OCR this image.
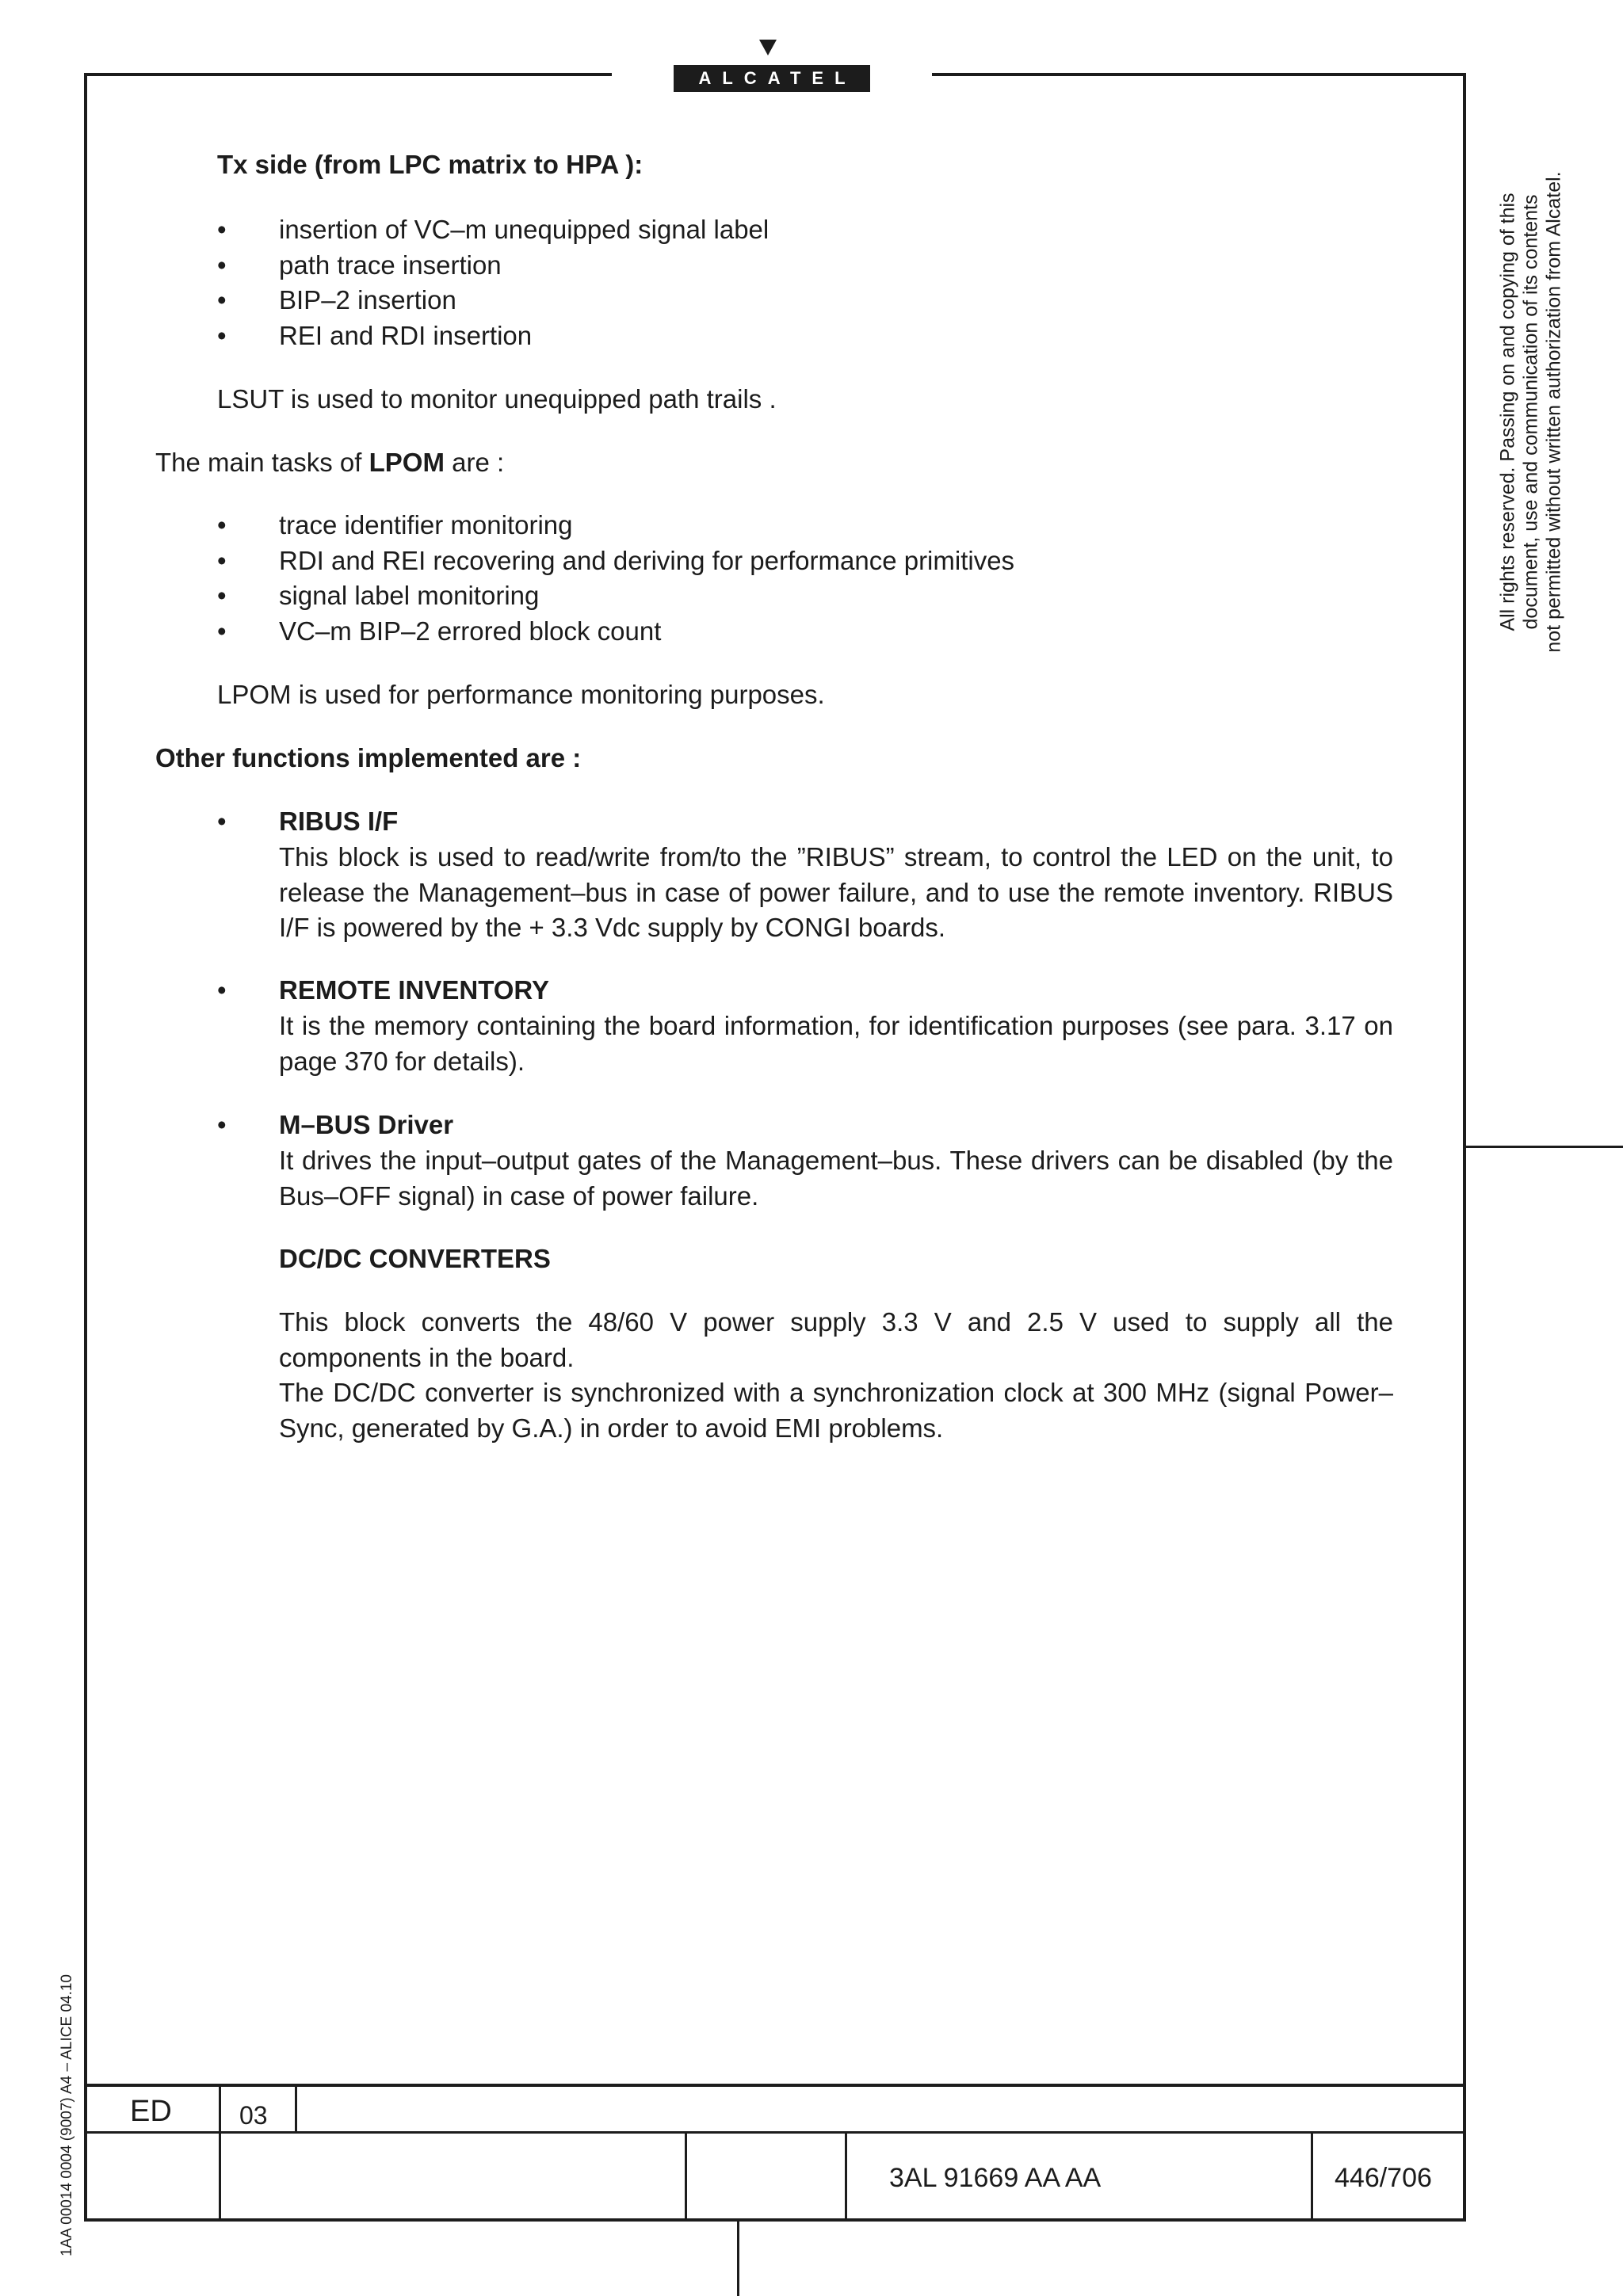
ALCATEL
Tx side (from LPC matrix to HPA ):
• insertion of VC–m unequipped signal label
• path trace insertion
• BIP–2 insertion
• REI and RDI insertion
LSUT is used to monitor unequipped path trails .
The main tasks of LPOM are :
• trace identifier monitoring
• RDI and REI recovering and deriving for performance primitives
• signal label monitoring
• VC–m BIP–2 errored block count
LPOM is used for performance monitoring purposes.
Other functions implemented are :
• RIBUS I/F
This block is used to read/write from/to the ”RIBUS” stream, to control the LED on the unit, to release the Management–bus in case of power failure, and to use the remote inventory. RIBUS I/F is powered by the + 3.3 Vdc supply by CONGI boards.
• REMOTE INVENTORY
It is the memory containing the board information, for identification purposes (see para. 3.17 on page 370 for details).
• M–BUS Driver
It drives the input–output gates of the Management–bus. These drivers can be disabled (by the Bus–OFF signal) in case of power failure.
DC/DC CONVERTERS
This block converts the 48/60 V power supply 3.3 V and 2.5 V used to supply all the components in the board.
The DC/DC converter is synchronized with a synchronization clock at 300 MHz (signal Power–Sync, generated by G.A.) in order to avoid EMI problems.
All rights reserved. Passing on and copying of this document, use and communication of its contents not permitted without written authorization from Alcatel.
1AA 00014 0004 (9007) A4 – ALICE 04.10 ED	03
3AL 91669 AA AA	446/706
